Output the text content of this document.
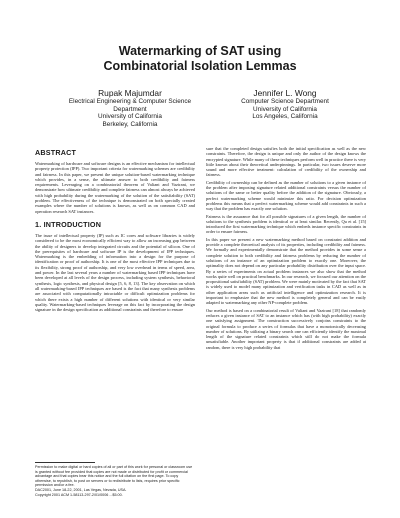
Watermarking of SAT using
Combinatorial Isolation Lemmas
Rupak Majumdar
Electrical Engineering & Computer Science
Department
University of California
Berkeley, California
Jennifer L. Wong
Computer Science Department
University of California
Los Angeles, California
ABSTRACT

Watermarking of hardware and software designs is an effective mechanism for intellectual property protection (IPP). Two important criteria for watermarking schemes are credibility and fairness. In this paper, we present the unique solution-based watermarking technique which provides, in a sense, the ultimate answer to both credibility and fairness requirements. Leveraging on a combinatorial theorem of Valiant and Vazirani, we demonstrate how ultimate credibility and complete fairness can almost always be achieved with high probability during the watermarking of the solution of the satisfiability (SAT) problem. The effectiveness of the technique is demonstrated on both specially created examples where the number of solutions is known, as well as on common CAD and operation research SAT instances.

1. INTRODUCTION

The issue of intellectual property (IP) such as IC cores and software libraries is widely considered to be the most economically efficient way to allow an increasing gap between the ability of designers to develop integrated circuits and the potential of silicon. One of the prerequisites of hardware and software IP is the development of IPP techniques. Watermarking is the embedding of information into a design for the purpose of identification or proof of authorship. It is one of the most effective IPP techniques due to its flexibility, strong proof of authorship, and very low overhead in terms of speed, area, and power. In the last several years a number of watermarking based IPP techniques have been developed at all levels of the design process, including system synthesis, behavioral synthesis, logic synthesis, and physical design [5, 6, 8, 13]. The key observation on which all watermarking-based IPP techniques are based is the fact that many synthesis problems are associated with computationally intractable or difficult optimization problems for which there exists a high number of different solutions with identical or very similar quality. Watermarking-based techniques leverage on this fact by incorporating the design signature in the design specification as additional constraints and therefore to ensure

sure that the completed design satisfies both the initial specification as well as the new constraints. Therefore, the design is unique and only the author of the design knows the encrypted signature. While many of these techniques perform well in practice there is very little known about their theoretical underpinnings. In particular, two issues deserve more sound and more effective treatment: calculation of credibility of the ownership and fairness.

Credibility of ownership can be defined as the number of solutions to a given instance of the problem after imposing signature related additional constraints versus the number of solutions of the same or better quality before the addition of the signature. Obviously, a perfect watermarking scheme would minimize this ratio. For decision optimization problems this means that a perfect watermarking scheme would add constraints in such a way that the problem has exactly one solution.

Fairness is the assurance that for all possible signatures of a given length, the number of solutions to the synthesis problem is identical or at least similar. Recently, Qu et al. [15] introduced the first watermarking technique which embeds instance specific constraints in order to ensure fairness.

In this paper we present a new watermarking method based on constraint addition and provide a complete theoretical analysis of its properties, including credibility and fairness. We formally and experimentally demonstrate that the method provides in some sense a complete solution to both credibility and fairness problems by reducing the number of solutions of an instance of an optimization problem to exactly one. Moreover, the optimality does not depend on any particular probability distribution over the input space. By a series of experiments on actual problem instances we also show that the method works quite well on practical benchmarks. In our research, we focused our attention on the propositional satisfiability (SAT) problem. We were mainly motivated by the fact that SAT is widely used to model many optimization and verification tasks in CAD as well as in other application areas such as artificial intelligence and optimization research. It is important to emphasize that the new method is completely general and can be easily adapted to watermarking any other NP-complete problem.

Our method is based on a combinatorial result of Valiant and Vazirani [18] that randomly reduces a given instance of SAT to an instance which has (with high probability) exactly one satisfying assignment. The construction successively conjoins constraints to the original formula to produce a series of formulas that have a monotonically decreasing number of solutions. By utilizing a binary search one can efficiently identify the maximal length of the signature related constraints which still do not make the formula unsatisfiable. Another important property is that if additional constraints are added at random, there is very high probability that

Permission to make digital or hard copies of all or part of this work for personal or classroom use is granted without fee provided that copies are not made or distributed for profit or commercial advantage and that copies bear this notice and the full citation on the first page. To copy otherwise, to republish, to post on servers or to redistribute to lists, requires prior specific permission and/or a fee.
DAC2001, June 18-22, 2001, Las Vegas, Nevada, USA.
Copyright 2001 ACM 1-58113-297-2/01/0006 ...$5.00.
